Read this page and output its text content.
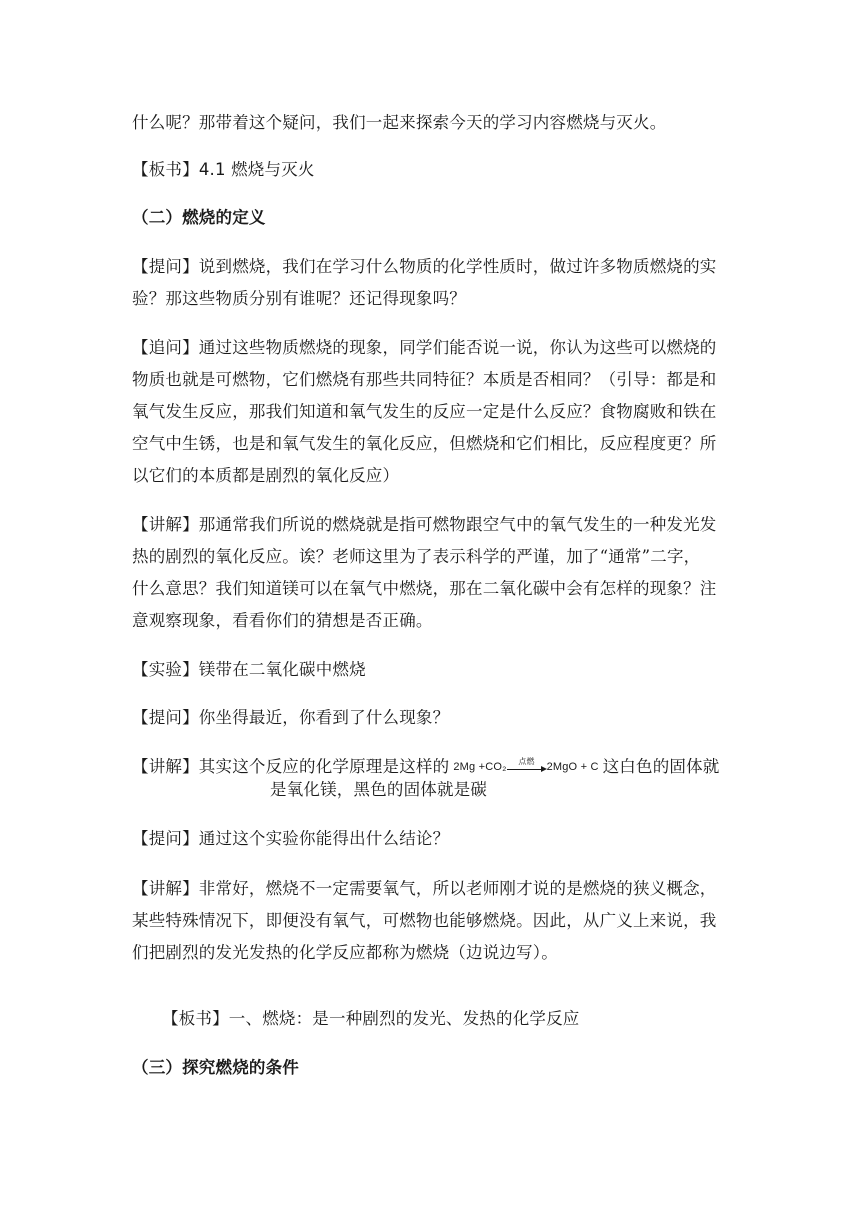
什么呢？那带着这个疑问，我们一起来探索今天的学习内容燃烧与灭火。
【板书】4.1 燃烧与灭火
（二）燃烧的定义
【提问】说到燃烧，我们在学习什么物质的化学性质时，做过许多物质燃烧的实
验？那这些物质分别有谁呢？还记得现象吗？
【追问】通过这些物质燃烧的现象，同学们能否说一说，你认为这些可以燃烧的
物质也就是可燃物，它们燃烧有那些共同特征？本质是否相同？（引导：都是和
氧气发生反应，那我们知道和氧气发生的反应一定是什么反应？食物腐败和铁在
空气中生锈，也是和氧气发生的氧化反应，但燃烧和它们相比，反应程度更？所
以它们的本质都是剧烈的氧化反应）
【讲解】那通常我们所说的燃烧就是指可燃物跟空气中的氧气发生的一种发光发
热的剧烈的氧化反应。诶？老师这里为了表示科学的严谨，加了“通常”二字，
什么意思？我们知道镁可以在氧气中燃烧，那在二氧化碳中会有怎样的现象？注
意观察现象，看看你们的猜想是否正确。
【实验】镁带在二氧化碳中燃烧
【提问】你坐得最近，你看到了什么现象？
【讲解】其实这个反应的化学原理是这样的 2Mg +CO₂
点燃
2MgO + C 这白色的固体就
是氧化镁，黑色的固体就是碳
【提问】通过这个实验你能得出什么结论？
【讲解】非常好，燃烧不一定需要氧气，所以老师刚才说的是燃烧的狭义概念，
某些特殊情况下，即便没有氧气，可燃物也能够燃烧。因此，从广义上来说，我
们把剧烈的发光发热的化学反应都称为燃烧（边说边写）。
【板书】一、燃烧：是一种剧烈的发光、发热的化学反应
（三）探究燃烧的条件
